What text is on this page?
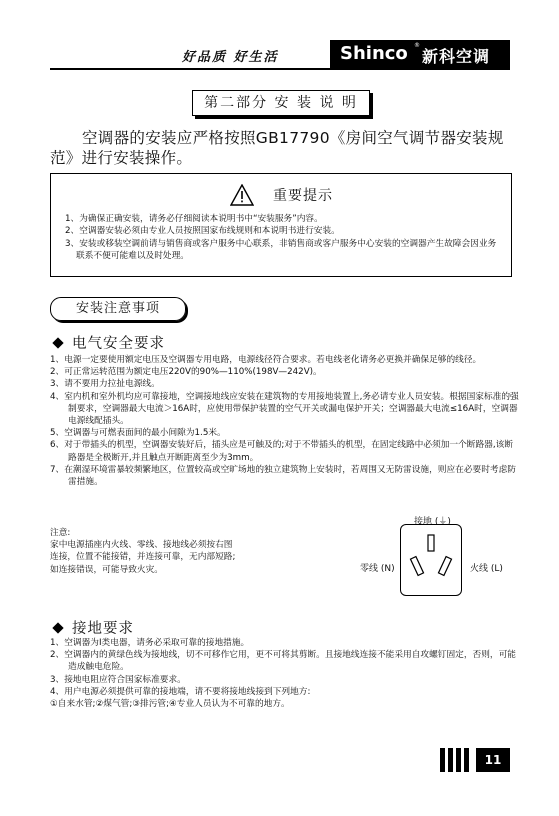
好品质 好生活	Shinco ®
新科空调
第二部分 安 装 说 明
空调器的安装应严格按照GB17790《房间空气调节器安装规范》进行安装操作。
重要提示
1、为确保正确安装，请务必仔细阅读本说明书中“安装服务”内容。
2、空调器安装必须由专业人员按照国家布线规则和本说明书进行安装。
3、安装或移装空调前请与销售商或客户服务中心联系，非销售商或客户服务中心安装的空调器产生故障会因业务联系不便可能难以及时处理。
安装注意事项
电气安全要求
1、电源一定要使用额定电压及空调器专用电路，电源线径符合要求。若电线老化请务必更换并确保足够的线径。
2、可正常运转范围为额定电压220V的90%—110%(198V—242V)。
3、请不要用力拉扯电源线。
4、室内机和室外机均应可靠接地，空调接地线应安装在建筑物的专用接地装置上,务必请专业人员安装。根据国家标准的强制要求，空调器最大电流＞16A时，应使用带保护装置的空气开关或漏电保护开关；空调器最大电流≤16A时，空调器电源线配插头。
5、空调器与可燃表面间的最小间隙为1.5米。
6、对于带插头的机型，空调器安装好后，插头应是可触及的;对于不带插头的机型，在固定线路中必须加一个断路器,该断路器是全极断开,并且触点开断距离至少为3mm。
7、在潮湿环境雷暴较频繁地区，位置较高或空旷场地的独立建筑物上安装时，若周围又无防雷设施，则应在必要时考虑防雷措施。
注意:
家中电源插座内火线、零线、接地线必须按右图
连接，位置不能接错，并连接可靠，无内部短路;
如连接错误，可能导致火灾。
接地 (⏚)
零线 (N)	火线 (L)
接地要求
1、空调器为I类电器，请务必采取可靠的接地措施。
2、空调器内的黄绿色线为接地线，切不可移作它用，更不可将其剪断。且接地线连接不能采用自攻螺钉固定，否则，可能造成触电危险。
3、接地电阻应符合国家标准要求。
4、用户电源必须提供可靠的接地端，请不要将接地线接到下列地方:
①自来水管;②煤气管;③排污管;④专业人员认为不可靠的地方。
11
